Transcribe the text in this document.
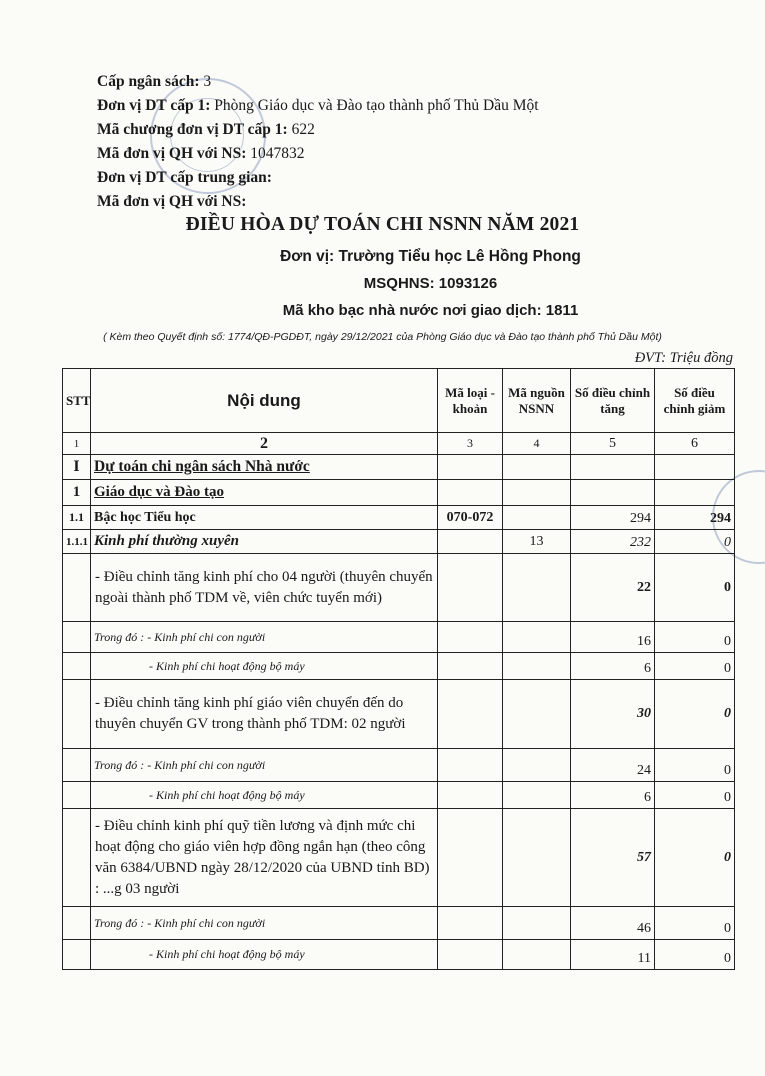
Cấp ngân sách: 3
Đơn vị DT cấp 1: Phòng Giáo dục và Đào tạo thành phố Thủ Dầu Một
Mã chương đơn vị DT cấp 1: 622
Mã đơn vị QH với NS: 1047832
Đơn vị DT cấp trung gian:
Mã đơn vị QH với NS:
ĐIỀU HÒA DỰ TOÁN CHI NSNN NĂM 2021
Đơn vị: Trường Tiểu học Lê Hồng Phong
MSQHNS: 1093126
Mã kho bạc nhà nước nơi giao dịch: 1811
( Kèm theo Quyết định số: 1774/QĐ-PGDĐT, ngày 29/12/2021 của Phòng Giáo dục và Đào tạo thành phố Thủ Dầu Một)
ĐVT: Triệu đồng
STT	Nội dung	Mã loại - khoản	Mã nguồn NSNN	Số điều chỉnh tăng	Số điều chỉnh giảm
1	2	3	4	5	6
I	Dự toán chi ngân sách Nhà nước				
1	Giáo dục và Đào tạo				
1.1	Bậc học Tiểu học	070-072		294	294
1.1.1	Kinh phí thường xuyên		13	232	0
	- Điều chỉnh tăng kinh phí cho 04 người (thuyên chuyển ngoài thành phố TDM về, viên chức tuyển mới)			22	0
	Trong đó : - Kinh phí chi con người			16	0
	- Kinh phí chi hoạt động bộ máy			6	0
	- Điều chỉnh tăng kinh phí giáo viên chuyển đến do thuyên chuyển GV trong thành phố TDM: 02 người			30	0
	Trong đó : - Kinh phí chi con người			24	0
	- Kinh phí chi hoạt động bộ máy			6	0
	- Điều chỉnh kinh phí quỹ tiền lương và định mức chi hoạt động cho giáo viên hợp đồng ngắn hạn (theo công văn 6384/UBND ngày 28/12/2020 của UBND tỉnh BD) : ...g 03 người			57	0
	Trong đó : - Kinh phí chi con người			46	0
	- Kinh phí chi hoạt động bộ máy			11	0
